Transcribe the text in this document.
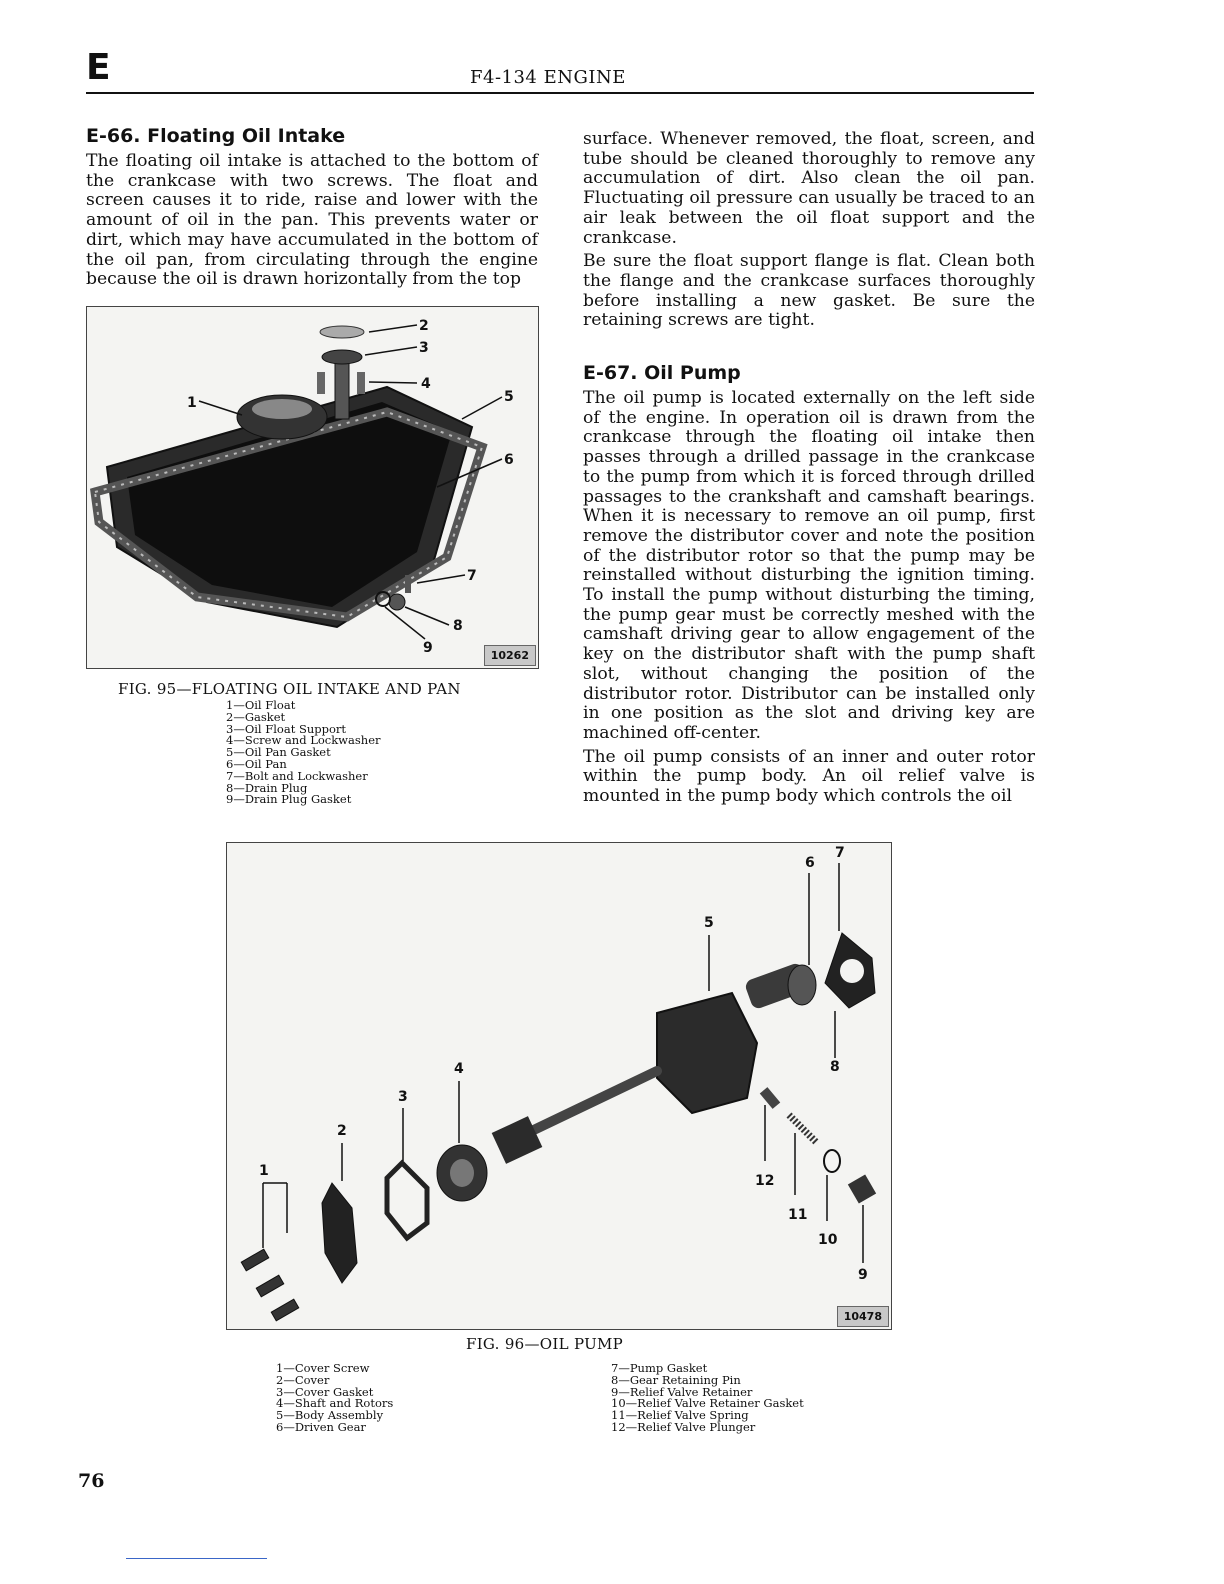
E	F4-134 ENGINE
E-66. Floating Oil Intake

The floating oil intake is attached to the bottom of the crankcase with two screws. The float and screen causes it to ride, raise and lower with the amount of oil in the pan. This prevents water or dirt, which may have accumulated in the bottom of the oil pan, from circulating through the engine because the oil is drawn horizontally from the top

2
3
4
1	5
6
7
8
9	10262
FIG. 95—FLOATING OIL INTAKE AND PAN
1—Oil Float
2—Gasket
3—Oil Float Support
4—Screw and Lockwasher
5—Oil Pan Gasket
6—Oil Pan
7—Bolt and Lockwasher
8—Drain Plug
9—Drain Plug Gasket

surface. Whenever removed, the float, screen, and tube should be cleaned thoroughly to remove any accumulation of dirt. Also clean the oil pan. Fluctuating oil pressure can usually be traced to an air leak between the oil float support and the crankcase.

Be sure the float support flange is flat. Clean both the flange and the crankcase surfaces thoroughly before installing a new gasket. Be sure the retaining screws are tight.

E-67. Oil Pump

The oil pump is located externally on the left side of the engine. In operation oil is drawn from the crankcase through the floating oil intake then passes through a drilled passage in the crankcase to the pump from which it is forced through drilled passages to the crankshaft and camshaft bearings. When it is necessary to remove an oil pump, first remove the distributor cover and note the position of the distributor rotor so that the pump may be reinstalled without disturbing the ignition timing. To install the pump without disturbing the timing, the pump gear must be correctly meshed with the camshaft driving gear to allow engagement of the key on the distributor shaft with the pump shaft slot, without changing the position of the distributor rotor. Distributor can be installed only in one position as the slot and driving key are machined off-center.

The oil pump consists of an inner and outer rotor within the pump body. An oil relief valve is mounted in the pump body which controls the oil

1
2
3
4
5
6
7
8
9
10
11
12
10478
FIG. 96—OIL PUMP
1—Cover Screw
2—Cover
3—Cover Gasket
4—Shaft and Rotors
5—Body Assembly
6—Driven Gear
7—Pump Gasket
8—Gear Retaining Pin
9—Relief Valve Retainer
10—Relief Valve Retainer Gasket
11—Relief Valve Spring
12—Relief Valve Plunger
76
